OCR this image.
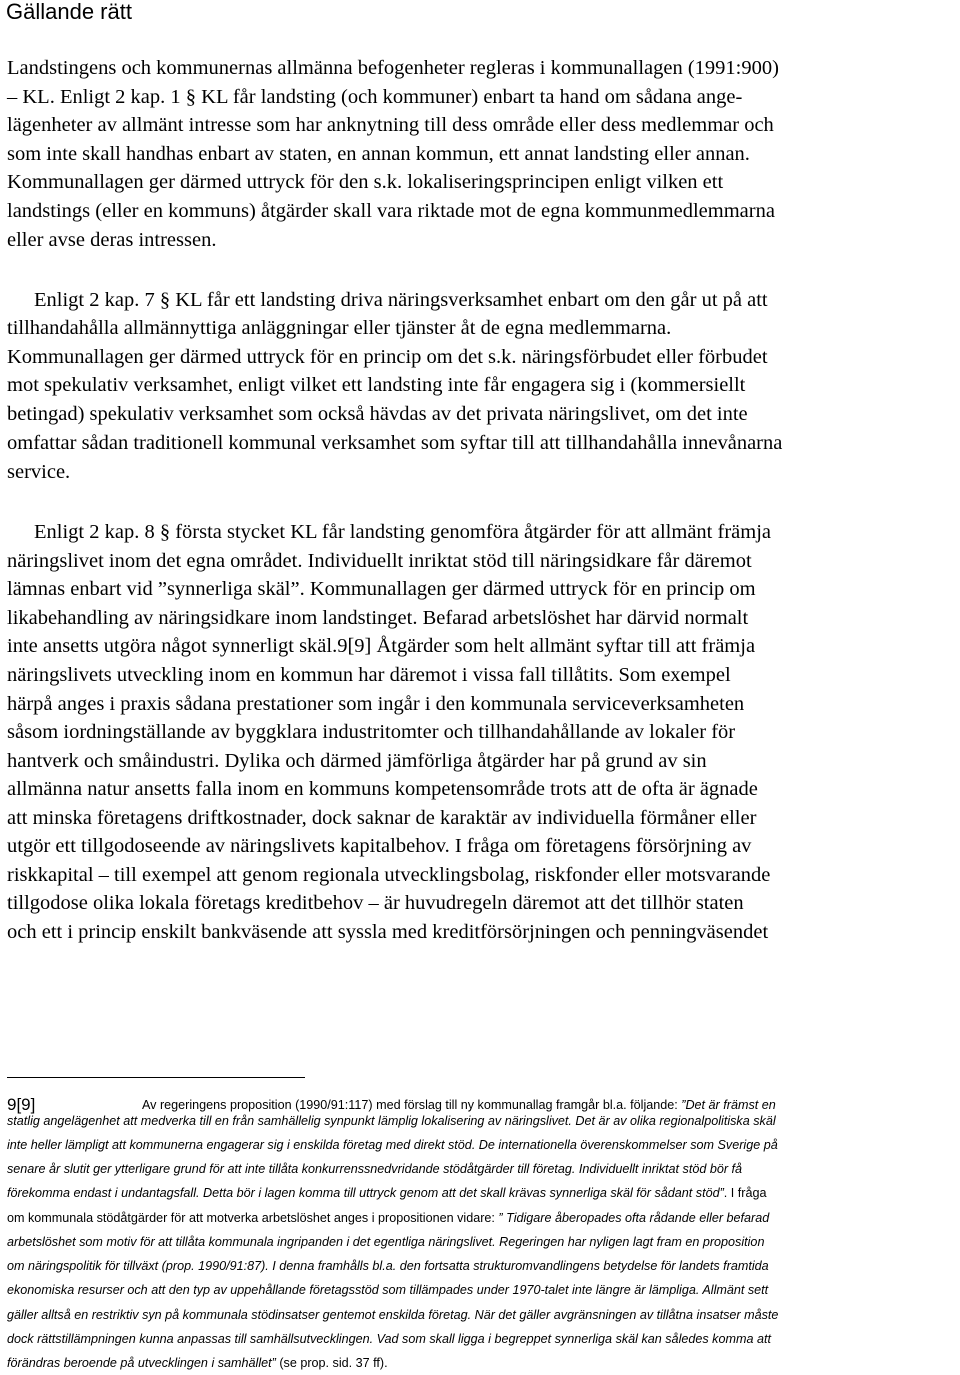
Gällande rätt
Landstingens och kommunernas allmänna befogenheter regleras i kommunallagen (1991:900)
– KL. Enligt 2 kap. 1 § KL får landsting (och kommuner) enbart ta hand om sådana ange-
lägenheter av allmänt intresse som har anknytning till dess område eller dess medlemmar och
som inte skall handhas enbart av staten, en annan kommun, ett annat landsting eller annan.
Kommunallagen ger därmed uttryck för den s.k. lokaliseringsprincipen enligt vilken ett
landstings (eller en kommuns) åtgärder skall vara riktade mot de egna kommunmedlemmarna
eller avse deras intressen.
Enligt 2 kap. 7 § KL får ett landsting driva näringsverksamhet enbart om den går ut på att
tillhandahålla allmännyttiga anläggningar eller tjänster åt de egna medlemmarna.
Kommunallagen ger därmed uttryck för en princip om det s.k. näringsförbudet eller förbudet
mot spekulativ verksamhet, enligt vilket ett landsting inte får engagera sig i (kommersiellt
betingad) spekulativ verksamhet som också hävdas av det privata näringslivet, om det inte
omfattar sådan traditionell kommunal verksamhet som syftar till att tillhandahålla innevånarna
service.
Enligt 2 kap. 8 § första stycket KL får landsting genomföra åtgärder för att allmänt främja
näringslivet inom det egna området. Individuellt inriktat stöd till näringsidkare får däremot
lämnas enbart vid ”synnerliga skäl”. Kommunallagen ger därmed uttryck för en princip om
likabehandling av näringsidkare inom landstinget. Befarad arbetslöshet har därvid normalt
inte ansetts utgöra något synnerligt skäl.9[9] Åtgärder som helt allmänt syftar till att främja
näringslivets utveckling inom en kommun har däremot i vissa fall tillåtits. Som exempel
härpå anges i praxis sådana prestationer som ingår i den kommunala serviceverksamheten
såsom iordningställande av byggklara industritomter och tillhandahållande av lokaler för
hantverk och småindustri. Dylika och därmed jämförliga åtgärder har på grund av sin
allmänna natur ansetts falla inom en kommuns kompetensområde trots att de ofta är ägnade
att minska företagens driftkostnader, dock saknar de karaktär av individuella förmåner eller
utgör ett tillgodoseende av näringslivets kapitalbehov. I fråga om företagens försörjning av
riskkapital – till exempel att genom regionala utvecklingsbolag, riskfonder eller motsvarande
tillgodose olika lokala företags kreditbehov – är huvudregeln däremot att det tillhör staten
och ett i princip enskilt bankväsende att syssla med kreditförsörjningen och penningväsendet
9[9]	Av regeringens proposition (1990/91:117) med förslag till ny kommunallag framgår bl.a. följande: ”Det är främst en
statlig angelägenhet att medverka till en från samhällelig synpunkt lämplig lokalisering av näringslivet. Det är av olika regionalpolitiska skäl
inte heller lämpligt att kommunerna engagerar sig i enskilda företag med direkt stöd. De internationella överenskommelser som Sverige på
senare år slutit ger ytterligare grund för att inte tillåta konkurrenssnedvridande stödåtgärder till företag. Individuellt inriktat stöd bör få
förekomma endast i undantagsfall. Detta bör i lagen komma till uttryck genom att det skall krävas synnerliga skäl för sådant stöd”. I fråga
om kommunala stödåtgärder för att motverka arbetslöshet anges i propositionen vidare: ” Tidigare åberopades ofta rådande eller befarad
arbetslöshet som motiv för att tillåta kommunala ingripanden i det egentliga näringslivet. Regeringen har nyligen lagt fram en proposition
om näringspolitik för tillväxt (prop. 1990/91:87). I denna framhålls bl.a. den fortsatta strukturomvandlingens betydelse för landets framtida
ekonomiska resurser och att den typ av uppehållande företagsstöd som tillämpades under 1970-talet inte längre är lämpliga. Allmänt sett
gäller alltså en restriktiv syn på kommunala stödinsatser gentemot enskilda företag. När det gäller avgränsningen av tillåtna insatser måste
dock rättstillämpningen kunna anpassas till samhällsutvecklingen. Vad som skall ligga i begreppet synnerliga skäl kan således komma att
förändras beroende på utvecklingen i samhället” (se prop. sid. 37 ff).
